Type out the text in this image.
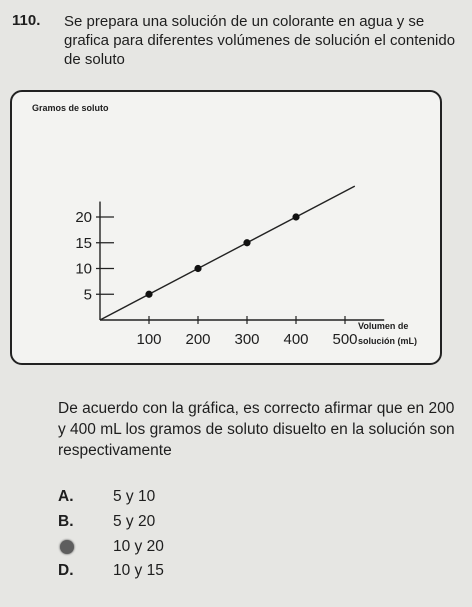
110. Se prepara una solución de un colorante en agua y se grafica para diferentes volúmenes de solución el contenido de soluto
Gramos de soluto
Volumen de
solución (mL)
100 200 300 400 500
5
10
15
20
De acuerdo con la gráfica, es correcto afirmar que en 200 y 400 mL los gramos de soluto disuelto en la solución son respectivamente
A.	5 y 10
B.	5 y 20
10 y 20
D.	10 y 15
